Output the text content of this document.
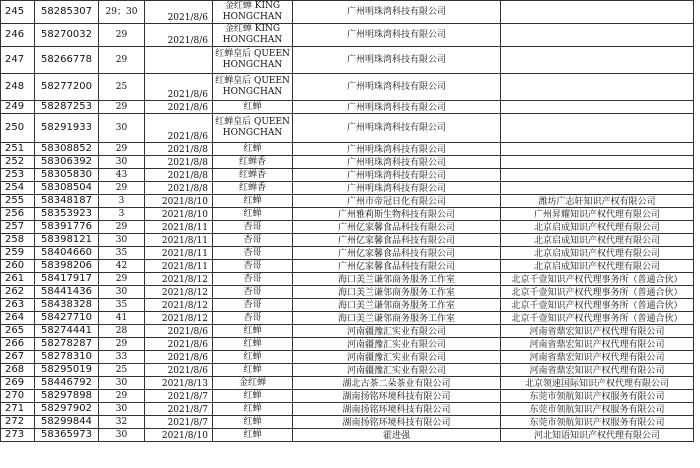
245	58285307	29；30	2021/8/6	金红蝉 KING HONGCHAN	广州明珠湾科技有限公司	
246	58270032	29	2021/8/6	金红蝉 KING HONGCHAN	广州明珠湾科技有限公司	
247	58266778	29		红蝉皇后 QUEEN HONGCHAN	广州明珠湾科技有限公司	
248	58277200	25	2021/8/6	红蝉皇后 QUEEN HONGCHAN	广州明珠湾科技有限公司	
249	58287253	29	2021/8/6	红蝉	广州明珠湾科技有限公司	
250	58291933	30	2021/8/6	红蝉皇后 QUEEN HONGCHAN	广州明珠湾科技有限公司	
251	58308852	29	2021/8/8	红蝉	广州明珠湾科技有限公司	
252	58306392	30	2021/8/8	红蝉香	广州明珠湾科技有限公司	
253	58305830	43	2021/8/8	红蝉香	广州明珠湾科技有限公司	
254	58308504	29	2021/8/8	红蝉香	广州明珠湾科技有限公司	
255	58348187	3	2021/8/10	红蝉	广州市帝冠日化有限公司	潍坊广志轩知识产权有限公司
256	58353923	3	2021/8/10	红蝉	广州雅莉斯生物科技有限公司	广州昇耀知识产权代理有限公司
257	58391776	29	2021/8/11	杏哥	广州亿家馨食品科技有限公司	北京启成知识产权代理有限公司
258	58398121	30	2021/8/11	杏哥	广州亿家馨食品科技有限公司	北京启成知识产权代理有限公司
259	58404660	35	2021/8/11	杏哥	广州亿家馨食品科技有限公司	北京启成知识产权代理有限公司
260	58398206	42	2021/8/11	杏哥	广州亿家馨食品科技有限公司	北京启成知识产权代理有限公司
261	58417917	29	2021/8/12	杏哥	海口美兰谦邻商务服务工作室	北京千壹知识产权代理事务所（普通合伙）
262	58441436	30	2021/8/12	杏哥	海口美兰谦邻商务服务工作室	北京千壹知识产权代理事务所（普通合伙）
263	58438328	35	2021/8/12	杏哥	海口美兰谦邻商务服务工作室	北京千壹知识产权代理事务所（普通合伙）
264	58427710	41	2021/8/12	杏哥	海口美兰谦邻商务服务工作室	北京千壹知识产权代理事务所（普通合伙）
265	58274441	28	2021/8/6	红蝉	河南疆豫汇实业有限公司	河南省鼎宏知识产权代理有限公司
266	58278287	29	2021/8/6	红蝉	河南疆豫汇实业有限公司	河南省鼎宏知识产权代理有限公司
267	58278310	33	2021/8/6	红蝉	河南疆豫汇实业有限公司	河南省鼎宏知识产权代理有限公司
268	58295019	25	2021/8/6	红蝉	河南疆豫汇实业有限公司	河南省鼎宏知识产权代理有限公司
269	58446792	30	2021/8/13	金红蝉	湖北古茶二朵茶业有限公司	北京领速国际知识产权代理有限公司
270	58297898	29	2021/8/7	红蝉	湖南扬铭环境科技有限公司	东莞市领航知识产权服务有限公司
271	58297902	30	2021/8/7	红蝉	湖南扬铭环境科技有限公司	东莞市领航知识产权服务有限公司
272	58299844	32	2021/8/7	红蝉	湖南扬铭环境科技有限公司	东莞市领航知识产权服务有限公司
273	58365973	30	2021/8/10	红蝉	霍进强	河北知语知识产权代理有限公司
